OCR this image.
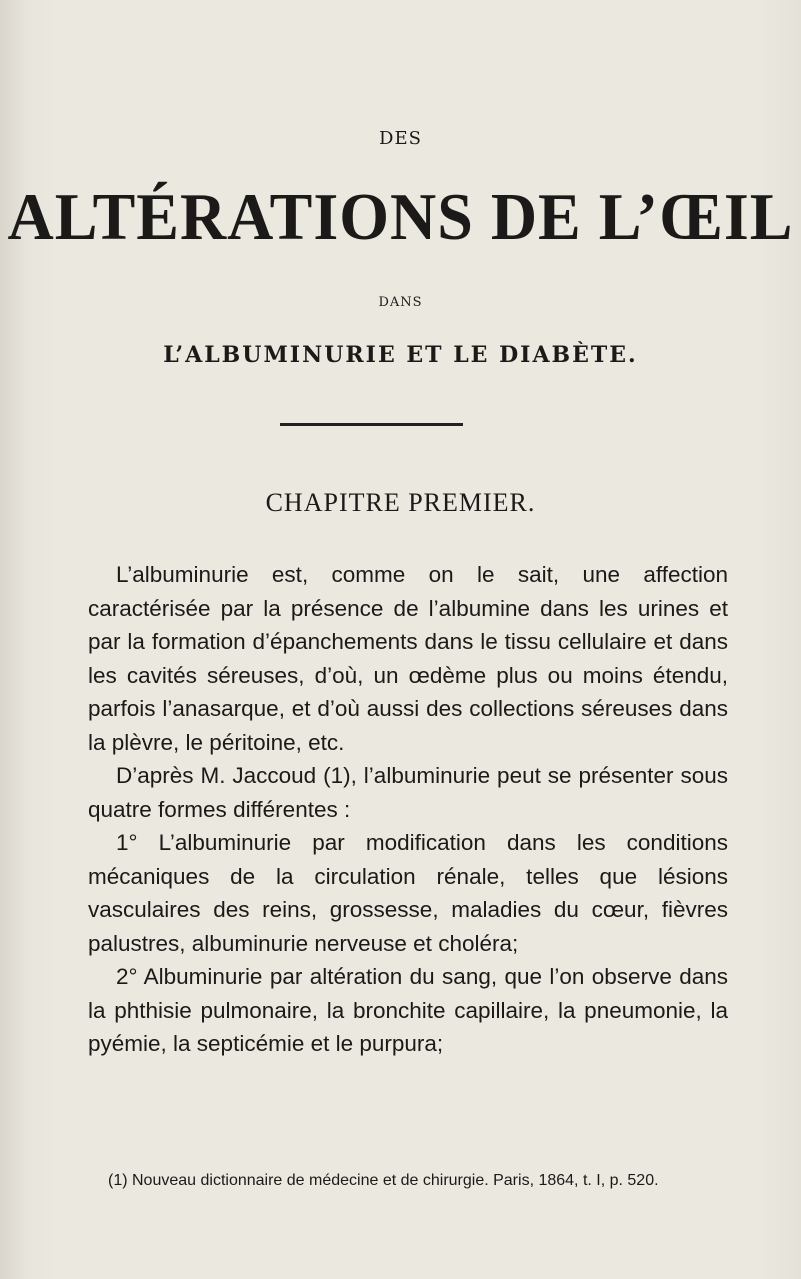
DES
ALTÉRATIONS DE L’ŒIL
DANS
L’ALBUMINURIE ET LE DIABÈTE.
CHAPITRE PREMIER.

L’albuminurie est, comme on le sait, une affection caractérisée par la présence de l’albumine dans les urines et par la formation d’épanchements dans le tissu cellulaire et dans les cavités séreuses, d’où, un œdème plus ou moins étendu, parfois l’anasarque, et d’où aussi des collections séreuses dans la plèvre, le péritoine, etc.

D’après M. Jaccoud (1), l’albuminurie peut se présenter sous quatre formes différentes :

1° L’albuminurie par modification dans les conditions mécaniques de la circulation rénale, telles que lésions vasculaires des reins, grossesse, maladies du cœur, fièvres palustres, albuminurie nerveuse et choléra;

2° Albuminurie par altération du sang, que l’on observe dans la phthisie pulmonaire, la bronchite capillaire, la pneumonie, la pyémie, la septicémie et le purpura;

(1) Nouveau dictionnaire de médecine et de chirurgie. Paris, 1864, t. I, p. 520.
